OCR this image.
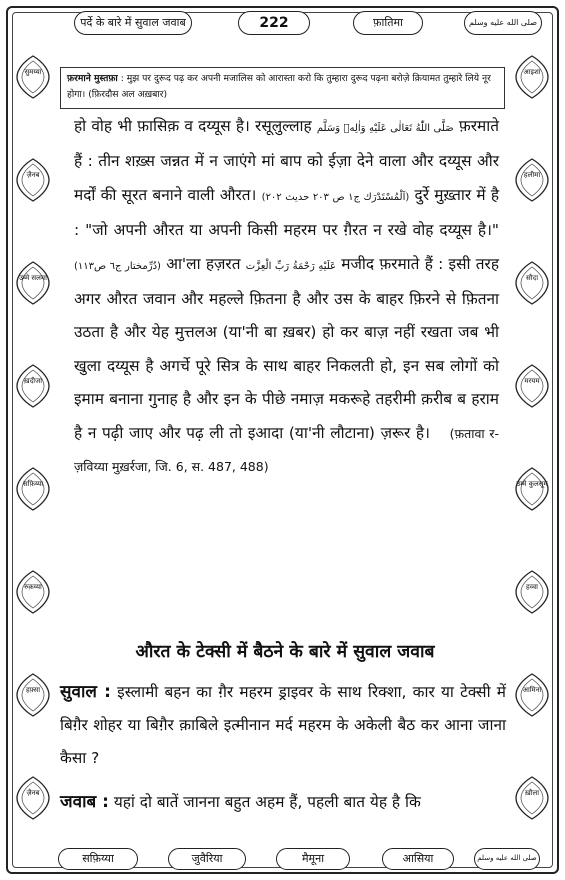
पर्दे के बारे में सुवाल जवाब	222	फ़ातिमा	صلى الله عليه وسلم
सुमय्या
ज़ैनब
उम्मे सलमा
ख़दीजा
सफ़िय्या
रुक़य्या
हफ़्सा
ज़ैनब
आइशा
हलीमा
सौदा
मरयम
उम्मे कुलसूम
हव्वा
आमिना
ख़ौला
फ़रमाने मुस्तफ़ा : मुझ पर दुरूद पढ़ कर अपनी मजालिस को आरास्ता करो कि तुम्हारा दुरूद पढ़ना बरोज़े क़ियामत तुम्हारे लिये नूर होगा। (फ़िरदौस अल अख़बार)

हो वोह भी फ़ासिक़ व दय्यूस है। रसूलुल्लाह صَلَّى اللّٰهُ تَعَالٰی عَلَيْهِ وَاٰلِهٖ وَسَلَّم फ़रमाते हैं : तीन शख़्स जन्नत में न जाएंगे मां बाप को ईज़ा देने वाला और दय्यूस और मर्दों की सूरत बनाने वाली औरत। (اَلْمُسْتَدْرَك ج١ ص ٢٠٣ حديث ٢٠٢) दुर्रे मुख़्तार में है : "जो अपनी औरत या अपनी किसी महरम पर ग़ैरत न रखे वोह दय्यूस है।" (دُرِّمختار ج٦ ص١١٣) आ'ला हज़रत عَلَيْهِ رَحْمَةُ رَبِّ الْعِزَّت मजीद फ़रमाते हैं : इसी तरह अगर औरत जवान और महल्ले फ़ितना है और उस के बाहर फ़िरने से फ़ितना उठता है और येह मुत्तलअ (या'नी बा ख़बर) हो कर बाज़ नहीं रखता जब भी खुला दय्यूस है अगर्चे पूरे सित्र के साथ बाहर निकलती हो, इन सब लोगों को इमाम बनाना गुनाह है और इन के पीछे नमाज़ मकरूहे तहरीमी क़रीब ब हराम है न पढ़ी जाए और पढ़ ली तो इआदा (या'नी लौटाना) ज़रूर है। (फ़तावा र-ज़विय्या मुख़र्रजा, जि. 6, स. 487, 488)

औरत के टेक्सी में बैठने के बारे में सुवाल जवाब
सुवाल : इस्लामी बहन का ग़ैर महरम ड्राइवर के साथ रिक्शा, कार या टेक्सी में बिग़ैर शोहर या बिग़ैर क़ाबिले इत्मीनान मर्द महरम के अकेली बैठ कर आना जाना कैसा ?
जवाब : यहां दो बातें जानना बहुत अहम हैं, पहली बात येह है कि
सफ़िय्या	जुवैरिया	मैमूना	आसिया	صلى الله عليه وسلم
